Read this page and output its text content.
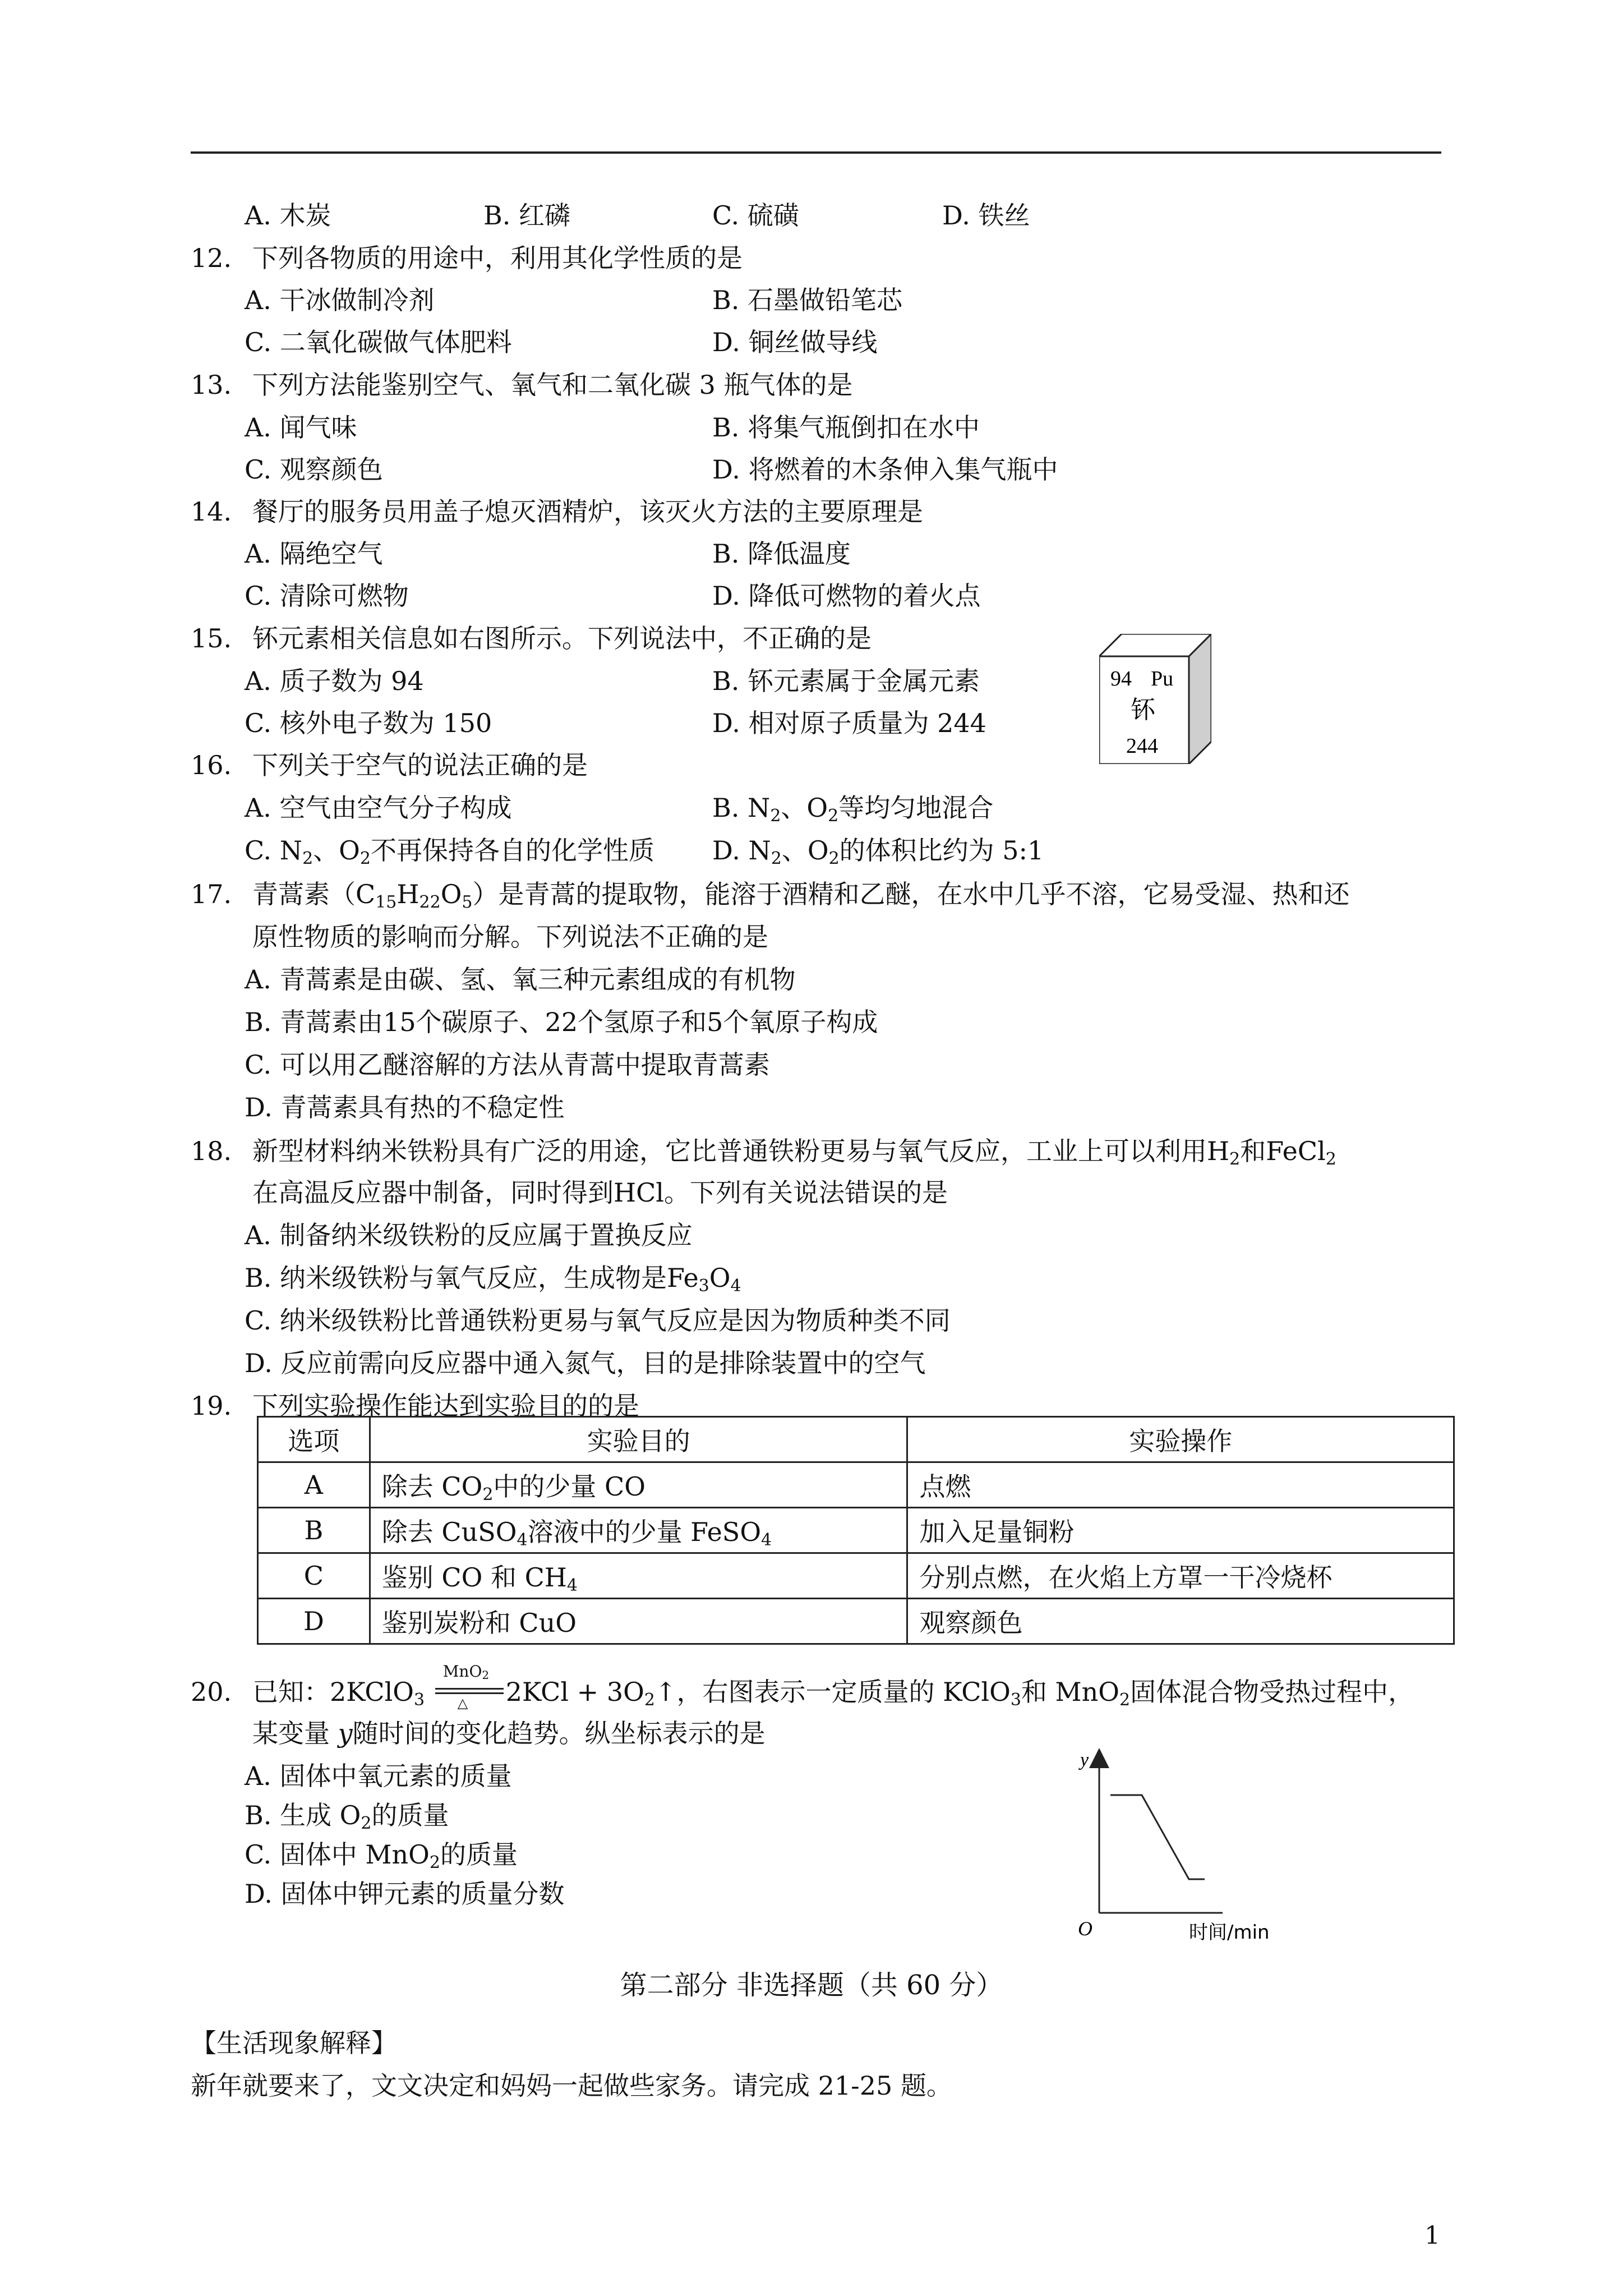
A. 木炭	B. 红磷	C. 硫磺	D. 铁丝
12. 下列各物质的用途中，利用其化学性质的是
A. 干冰做制冷剂	B. 石墨做铅笔芯
C. 二氧化碳做气体肥料	D. 铜丝做导线
13. 下列方法能鉴别空气、氧气和二氧化碳 3 瓶气体的是
A. 闻气味	B. 将集气瓶倒扣在水中
C. 观察颜色	D. 将燃着的木条伸入集气瓶中
14. 餐厅的服务员用盖子熄灭酒精炉，该灭火方法的主要原理是
A. 隔绝空气	B. 降低温度
C. 清除可燃物	D. 降低可燃物的着火点
15. 钚元素相关信息如右图所示。下列说法中，不正确的是
A. 质子数为 94	B. 钚元素属于金属元素
C. 核外电子数为 150	D. 相对原子质量为 244
94 Pu
钚
244
16. 下列关于空气的说法正确的是
A. 空气由空气分子构成	B. $N_2$、$O_2$等均匀地混合
C. $N_2$、$O_2$不再保持各自的化学性质 D. $N_2$、$O_2$的体积比约为 5:1
17. 青蒿素$(C_{15}H_{22}O_5)$是青蒿的提取物，能溶于酒精和乙醚，在水中几乎不溶，它易受湿、热和还
原性物质的影响而分解。下列说法不正确的是
A. 青蒿素是由碳、氢、氧三种元素组成的有机物
B. 青蒿素由15个碳原子、22个氢原子和5个氧原子构成
C. 可以用乙醚溶解的方法从青蒿中提取青蒿素
D. 青蒿素具有热的不稳定性
18. 新型材料纳米铁粉具有广泛的用途，它比普通铁粉更易与氧气反应，工业上可以利用$H_2$和FeCl$_2$
在高温反应器中制备，同时得到HCl。下列有关说法错误的是
A. 制备纳米级铁粉的反应属于置换反应
B. 纳米级铁粉与氧气反应，生成物是$Fe_3O_4$
C. 纳米级铁粉比普通铁粉更易与氧气反应是因为物质种类不同
D. 反应前需向反应器中通入氮气，目的是排除装置中的空气
19. 下列实验操作能达到实验目的的是
选项	实验目的	实验操作
A	除去 $CO_2$中的少量 CO	点燃
B	除去 CuSO$_4$溶液中的少量 FeSO$_4$	加入足量铜粉
C	鉴别 CO 和 $CH_4$	分别点燃，在火焰上方罩一干冷烧杯
D	鉴别炭粉和 CuO	观察颜色
20. 已知：2KClO$_3$
MnO$_2$
△ $2KCl + 3O_2↑$，右图表示一定质量的 KClO$_3$和 MnO$_2$固体混合物受热过程中，
某变量 y随时间的变化趋势。纵坐标表示的是
A. 固体中氧元素的质量
B. 生成 $O_2$的质量
C. 固体中 MnO$_2$的质量
D. 固体中钾元素的质量分数
y
O	时间/min
第二部分 非选择题（共 60 分）
【生活现象解释】
新年就要来了，文文决定和妈妈一起做些家务。请完成 21-25 题。
1
